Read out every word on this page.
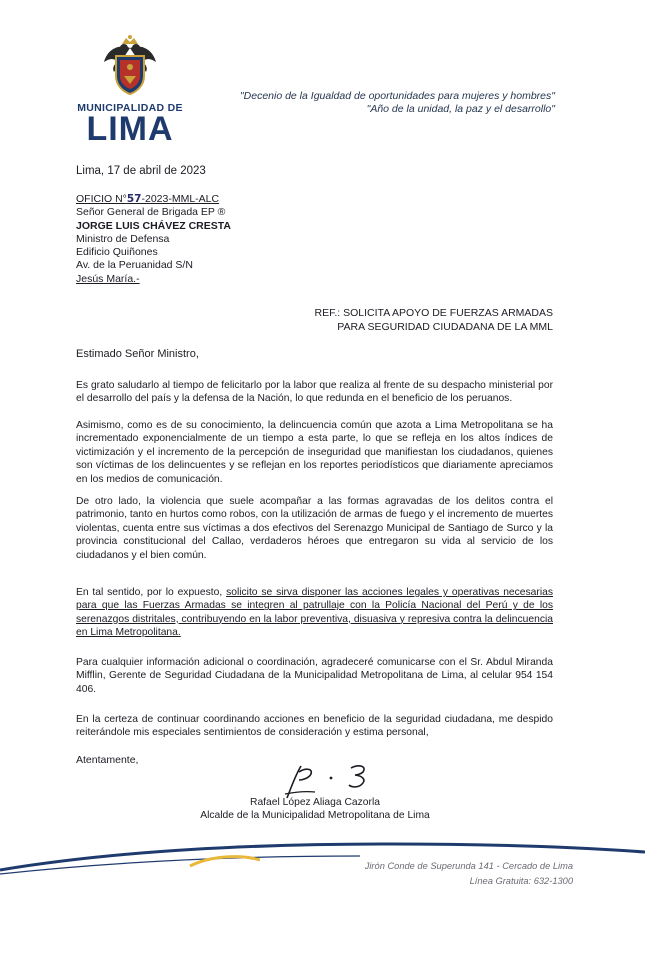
MUNICIPALIDAD DE
LIMA
"Decenio de la Igualdad de oportunidades para mujeres y hombres"
"Año de la unidad, la paz y el desarrollo"
Lima, 17 de abril de 2023
OFICIO N°57-2023-MML-ALC
Señor General de Brigada EP ®
JORGE LUIS CHÁVEZ CRESTA
Ministro de Defensa
Edificio Quiñones
Av. de la Peruanidad S/N
Jesús María.-
REF.: SOLICITA APOYO DE FUERZAS ARMADAS
PARA SEGURIDAD CIUDADANA DE LA MML
Estimado Señor Ministro,
Es grato saludarlo al tiempo de felicitarlo por la labor que realiza al frente de su despacho ministerial por el desarrollo del país y la defensa de la Nación, lo que redunda en el beneficio de los peruanos.
Asimismo, como es de su conocimiento, la delincuencia común que azota a Lima Metropolitana se ha incrementado exponencialmente de un tiempo a esta parte, lo que se refleja en los altos índices de victimización y el incremento de la percepción de inseguridad que manifiestan los ciudadanos, quienes son víctimas de los delincuentes y se reflejan en los reportes periodísticos que diariamente apreciamos en los medios de comunicación.
De otro lado, la violencia que suele acompañar a las formas agravadas de los delitos contra el patrimonio, tanto en hurtos como robos, con la utilización de armas de fuego y el incremento de muertes violentas, cuenta entre sus víctimas a dos efectivos del Serenazgo Municipal de Santiago de Surco y la provincia constitucional del Callao, verdaderos héroes que entregaron su vida al servicio de los ciudadanos y el bien común.
En tal sentido, por lo expuesto, solicito se sirva disponer las acciones legales y operativas necesarias para que las Fuerzas Armadas se integren al patrullaje con la Policía Nacional del Perú y de los serenazgos distritales, contribuyendo en la labor preventiva, disuasiva y represiva contra la delincuencia en Lima Metropolitana.
Para cualquier información adicional o coordinación, agradeceré comunicarse con el Sr. Abdul Miranda Mifflin, Gerente de Seguridad Ciudadana de la Municipalidad Metropolitana de Lima, al celular 954 154 406.
En la certeza de continuar coordinando acciones en beneficio de la seguridad ciudadana, me despido reiterándole mis especiales sentimientos de consideración y estima personal,
Atentamente,
Rafael López Aliaga Cazorla
Alcalde de la Municipalidad Metropolitana de Lima
Jirón Conde de Superunda 141 - Cercado de Lima
Línea Gratuita: 632-1300
